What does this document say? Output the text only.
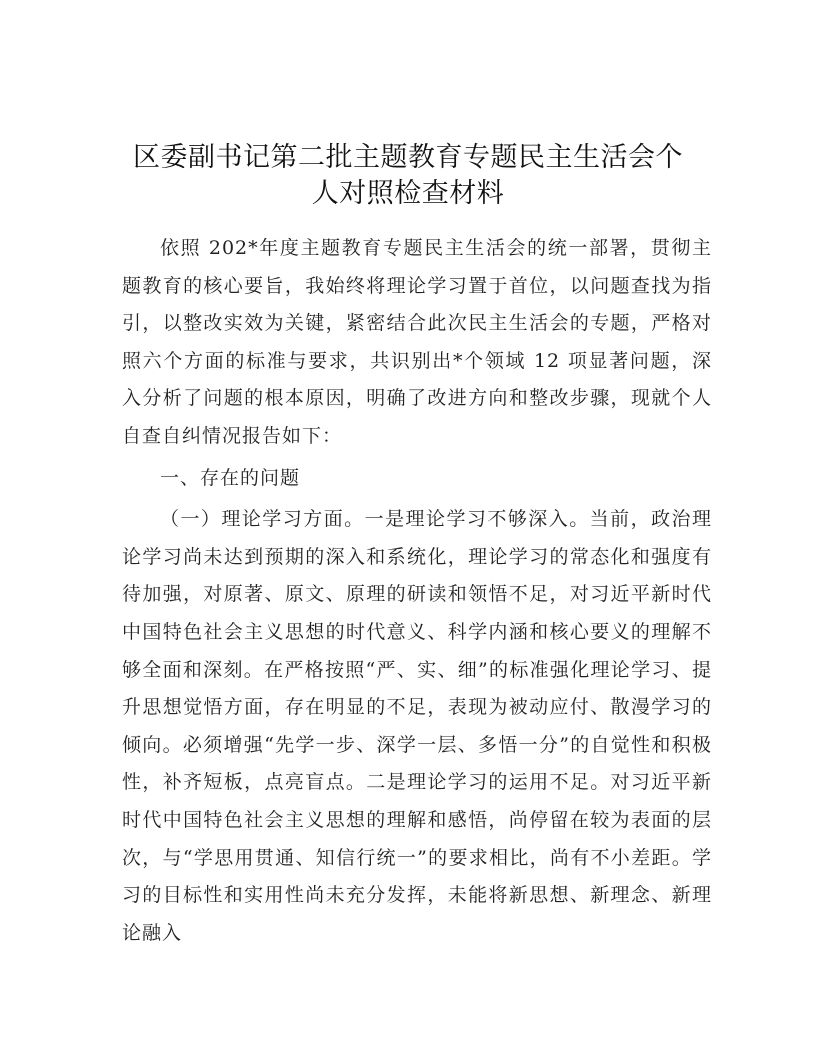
区委副书记第二批主题教育专题民主生活会个
人对照检查材料

依照 202*年度主题教育专题民主生活会的统一部署，贯彻主题教育的核心要旨，我始终将理论学习置于首位，以问题查找为指引，以整改实效为关键，紧密结合此次民主生活会的专题，严格对照六个方面的标准与要求，共识别出*个领域 12 项显著问题，深入分析了问题的根本原因，明确了改进方向和整改步骤，现就个人自查自纠情况报告如下：

一、存在的问题

（一）理论学习方面。一是理论学习不够深入。当前，政治理论学习尚未达到预期的深入和系统化，理论学习的常态化和强度有待加强，对原著、原文、原理的研读和领悟不足，对习近平新时代中国特色社会主义思想的时代意义、科学内涵和核心要义的理解不够全面和深刻。在严格按照“严、实、细”的标准强化理论学习、提升思想觉悟方面，存在明显的不足，表现为被动应付、散漫学习的倾向。必须增强“先学一步、深学一层、多悟一分”的自觉性和积极性，补齐短板，点亮盲点。二是理论学习的运用不足。对习近平新时代中国特色社会主义思想的理解和感悟，尚停留在较为表面的层次，与“学思用贯通、知信行统一”的要求相比，尚有不小差距。学习的目标性和实用性尚未充分发挥，未能将新思想、新理念、新理论融入
